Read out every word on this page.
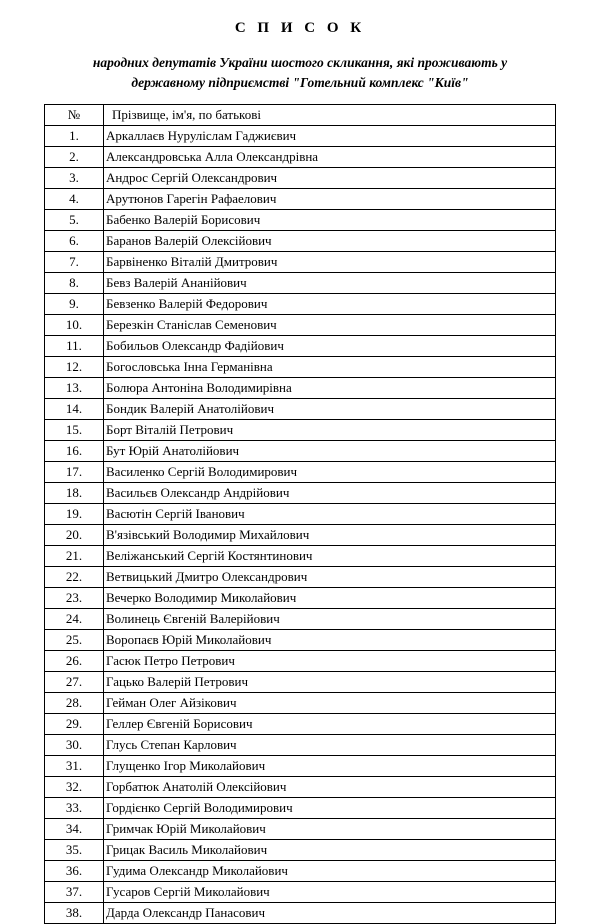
С П И С О К
народних депутатів України шостого скликання, які проживають у
державному підприємстві "Готельний комплекс "Київ"
№	Прізвище, ім'я, по батькові
1.	Аркаллаєв Нуруліслам Гаджиєвич
2.	Александровська Алла Олександрівна
3.	Андрос Сергій Олександрович
4.	Арутюнов Гарегін Рафаелович
5.	Бабенко Валерій Борисович
6.	Баранов Валерій Олексійович
7.	Барвіненко Віталій Дмитрович
8.	Бевз Валерій Ананійович
9.	Бевзенко Валерій Федорович
10.	Березкін Станіслав Семенович
11.	Бобильов Олександр Фадійович
12.	Богословська Інна Германівна
13.	Болюра Антоніна Володимирівна
14.	Бондик Валерій Анатолійович
15.	Борт Віталій Петрович
16.	Бут Юрій Анатолійович
17.	Василенко Сергій Володимирович
18.	Васильєв Олександр Андрійович
19.	Васютін Сергій Іванович
20.	В'язівський Володимир Михайлович
21.	Веліжанський Сергій Костянтинович
22.	Ветвицький Дмитро Олександрович
23.	Вечерко Володимир Миколайович
24.	Волинець Євгеній Валерійович
25.	Воропаєв Юрій Миколайович
26.	Гасюк Петро Петрович
27.	Гацько Валерій Петрович
28.	Гейман Олег Айзікович
29.	Геллер Євгеній Борисович
30.	Глусь Степан Карлович
31.	Глущенко Ігор Миколайович
32.	Горбатюк Анатолій Олексійович
33.	Гордієнко Сергій Володимирович
34.	Гримчак Юрій Миколайович
35.	Грицак Василь Миколайович
36.	Гудима Олександр Миколайович
37.	Гусаров Сергій Миколайович
38.	Дарда Олександр Панасович
